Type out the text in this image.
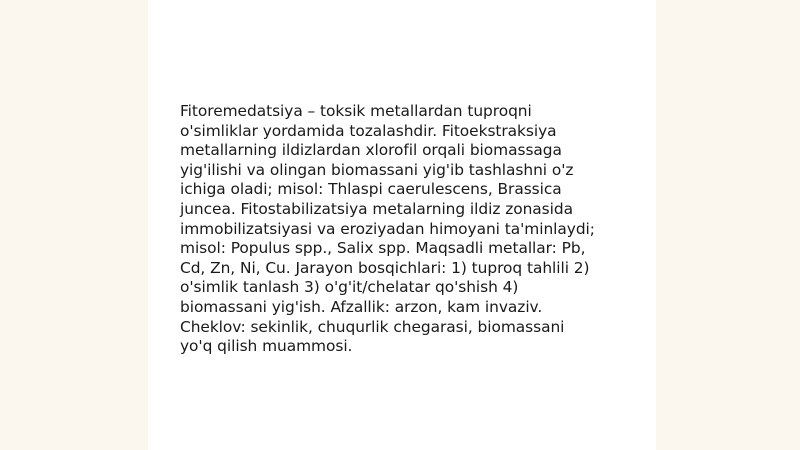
Fitoremedatsiya – toksik metallardan tuproqni
o'simliklar yordamida tozalashdir. Fitoekstraksiya
metallarning ildizlardan xlorofil orqali biomassaga
yig'ilishi va olingan biomassani yig'ib tashlashni o'z
ichiga oladi; misol: Thlaspi caerulescens, Brassica
juncea. Fitostabilizatsiya metalarning ildiz zonasida
immobilizatsiyasi va eroziyadan himoyani ta'minlaydi;
misol: Populus spp., Salix spp. Maqsadli metallar: Pb,
Cd, Zn, Ni, Cu. Jarayon bosqichlari: 1) tuproq tahlili 2)
o'simlik tanlash 3) o'g'it/chelatar qo'shish 4)
biomassani yig'ish. Afzallik: arzon, kam invaziv.
Cheklov: sekinlik, chuqurlik chegarasi, biomassani
yo'q qilish muammosi.
